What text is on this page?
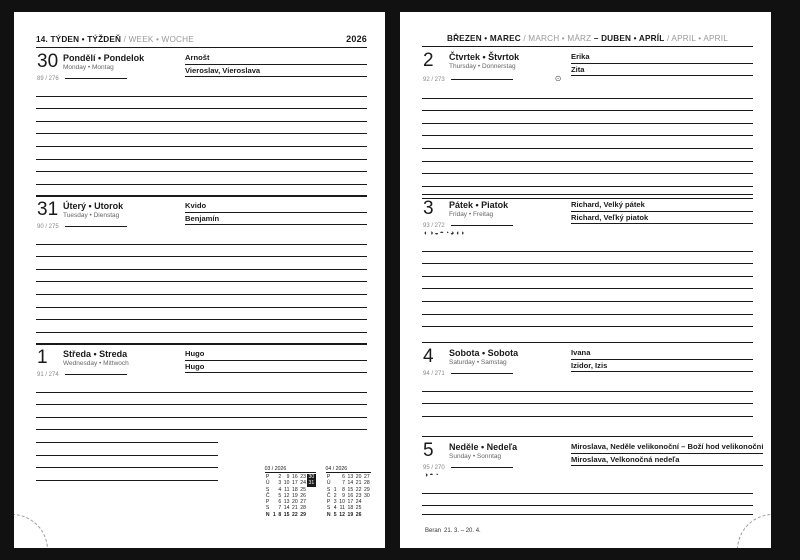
14. TÝDEN • TÝŽDEŇ / WEEK • WOCHE	2026
30 Pondělí • Pondelok
Monday • Montag
Arnošt
Vieroslav, Vieroslava
89 / 276
31 Úterý • Utorok
Tuesday • Dienstag
Kvido
Benjamín
90 / 275
1	Středa • Streda
Wednesday • Mittwoch
Hugo
Hugo
91 / 274
03 / 2026
P		2	9	16	23	30
Ú		3	10	17	24	31
S		4	11	18	25	
Č		5	12	19	26	
P		6	13	20	27	
S		7	14	21	28	
N	1	8	15	22	29	
04 / 2026
P		6	13	20	27
Ú		7	14	21	28
S	1	8	15	22	29
Č	2	9	16	23	30
P	3	10	17	24	
S	4	11	18	25	
N	5	12	19	26	
BŘEZEN • MAREC / MARCH • MÄRZ – DUBEN • APRÍL / APRIL • APRIL
2	Čtvrtek • Štvrtok
Thursday • Donnerstag
Erika
Zita
92 / 273	⊙
3	Pátek • Piatok
Friday • Freitag
Richard, Velký pátek
Richard, Veľký piatok
93 / 272
◐◑◒◓◔◕◖◗
4	Sobota • Sobota
Saturday • Samstag
Ivana
Izidor, Izis
94 / 271
5	Neděle • Nedeľa
Sunday • Sonntag
Miroslava, Neděle velikonoční – Boží hod velikonoční
Miroslava, Velkonočná nedeľa
95 / 270
◑◓◔
Beran 21. 3. – 20. 4.
